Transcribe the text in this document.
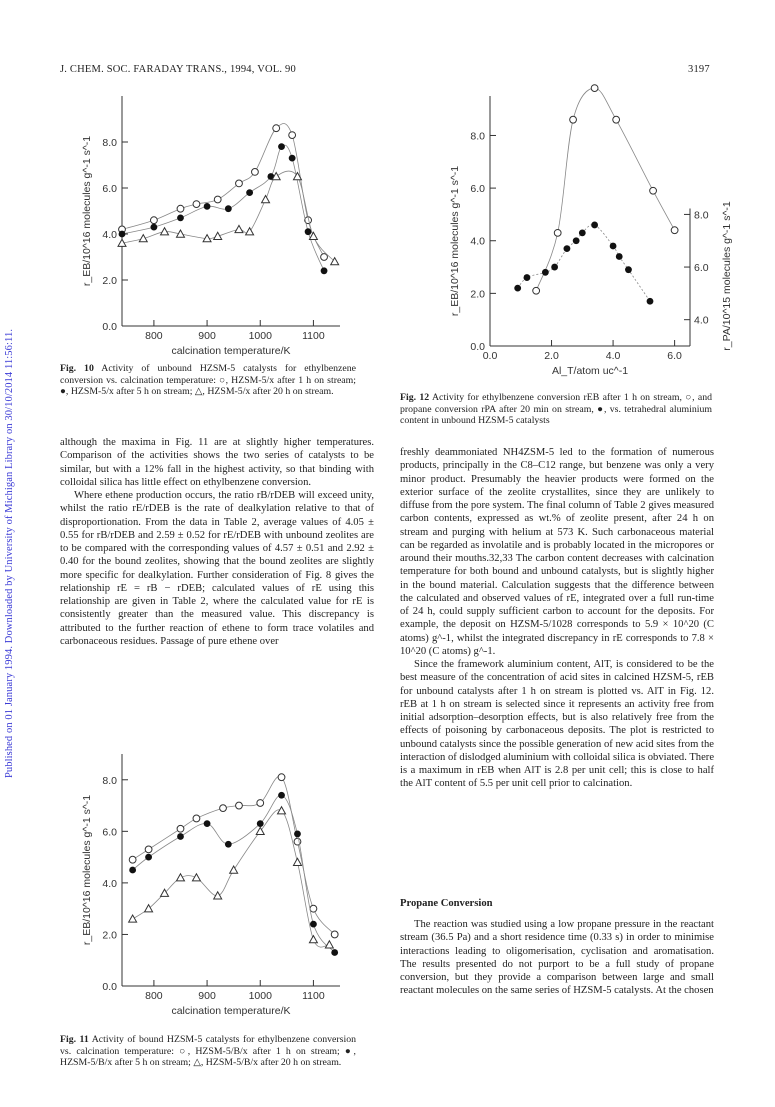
Published on 01 January 1994. Downloaded by University of Michigan Library on 30/10/2014 11:56:11.
J. CHEM. SOC. FARADAY TRANS., 1994, VOL. 90	3197
0.0
2.0
4.0
6.0
8.0
800	900	1000	1100
r_EB/10^16 molecules g^-1 s^-1
calcination temperature/K
Fig. 10 Activity of unbound HZSM-5 catalysts for ethylbenzene conversion vs. calcination temperature: ○, HZSM-5/x after 1 h on stream; ●, HZSM-5/x after 5 h on stream; △, HZSM-5/x after 20 h on stream.
0.0
2.0
4.0
6.0
8.0
4.0
6.0
8.0
0.0	2.0	4.0	6.0
r_EB/10^16 molecules g^-1 s^-1	r_PA/10^15 molecules g^-1 s^-1
Al_T/atom uc^-1
Fig. 12 Activity for ethylbenzene conversion rEB after 1 h on stream, ○, and propane conversion rPA after 20 min on stream, ●, vs. tetrahedral aluminium content in unbound HZSM-5 catalysts

although the maxima in Fig. 11 are at slightly higher temperatures. Comparison of the activities shows the two series of catalysts to be similar, but with a 12% fall in the highest activity, so that binding with colloidal silica has little effect on ethylbenzene conversion.

Where ethene production occurs, the ratio rB/rDEB will exceed unity, whilst the ratio rE/rDEB is the rate of dealkylation relative to that of disproportionation. From the data in Table 2, average values of 4.05 ± 0.55 for rB/rDEB and 2.59 ± 0.52 for rE/rDEB with unbound zeolites are to be compared with the corresponding values of 4.57 ± 0.51 and 2.92 ± 0.40 for the bound zeolites, showing that the bound zeolites are slightly more specific for dealkylation. Further consideration of Fig. 8 gives the relationship rE = rB − rDEB; calculated values of rE using this relationship are given in Table 2, where the calculated value for rE is consistently greater than the measured value. This discrepancy is attributed to the further reaction of ethene to form trace volatiles and carbonaceous residues. Passage of pure ethene over

0.0
2.0
4.0
6.0
8.0
800	900	1000	1100
r_EB/10^16 molecules g^-1 s^-1
calcination temperature/K
Fig. 11 Activity of bound HZSM-5 catalysts for ethylbenzene conversion vs. calcination temperature: ○, HZSM-5/B/x after 1 h on stream; ●, HZSM-5/B/x after 5 h on stream; △, HZSM-5/B/x after 20 h on stream.

freshly deammoniated NH4ZSM-5 led to the formation of numerous products, principally in the C8–C12 range, but benzene was only a very minor product. Presumably the heavier products were formed on the exterior surface of the zeolite crystallites, since they are unlikely to diffuse from the pore system. The final column of Table 2 gives measured carbon contents, expressed as wt.% of zeolite present, after 24 h on stream and purging with helium at 573 K. Such carbonaceous material can be regarded as involatile and is probably located in the micropores or around their mouths.32,33 The carbon content decreases with calcination temperature for both bound and unbound catalysts, but is slightly higher in the bound material. Calculation suggests that the difference between the calculated and observed values of rE, integrated over a full run-time of 24 h, could supply sufficient carbon to account for the deposits. For example, the deposit on HZSM-5/1028 corresponds to 5.9 × 10^20 (C atoms) g^-1, whilst the integrated discrepancy in rE corresponds to 7.8 × 10^20 (C atoms) g^-1.

Since the framework aluminium content, AlT, is considered to be the best measure of the concentration of acid sites in calcined HZSM-5, rEB for unbound catalysts after 1 h on stream is plotted vs. AlT in Fig. 12. rEB at 1 h on stream is selected since it represents an activity free from initial adsorption–desorption effects, but is also relatively free from the effects of poisoning by carbonaceous deposits. The plot is restricted to unbound catalysts since the possible generation of new acid sites from the interaction of dislodged aluminium with colloidal silica is obviated. There is a maximum in rEB when AlT is 2.8 per unit cell; this is close to half the AlT content of 5.5 per unit cell prior to calcination.

Propane Conversion

The reaction was studied using a low propane pressure in the reactant stream (36.5 Pa) and a short residence time (0.33 s) in order to minimise interactions leading to oligomerisation, cyclisation and aromatisation. The results presented do not purport to be a full study of propane conversion, but they provide a comparison between large and small reactant molecules on the same series of HZSM-5 catalysts. At the chosen
